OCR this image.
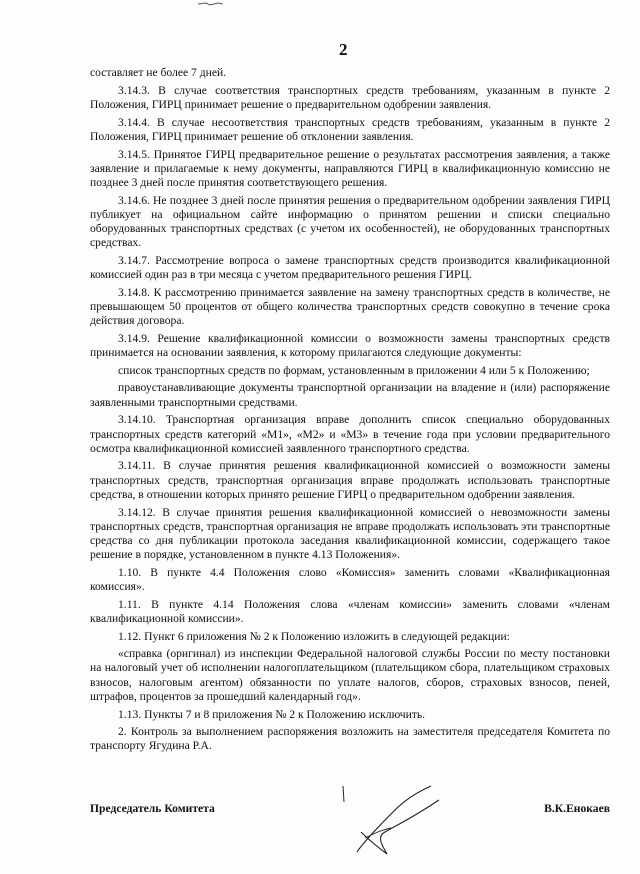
2

составляет не более 7 дней.

3.14.3. В случае соответствия транспортных средств требованиям, указанным в пункте 2 Положения, ГИРЦ принимает решение о предварительном одобрении заявления.

3.14.4. В случае несоответствия транспортных средств требованиям, указанным в пункте 2 Положения, ГИРЦ принимает решение об отклонении заявления.

3.14.5. Принятое ГИРЦ предварительное решение о результатах рассмотрения заявления, а также заявление и прилагаемые к нему документы, направляются ГИРЦ в квалификационную комиссию не позднее 3 дней после принятия соответствующего решения.

3.14.6. Не позднее 3 дней после принятия решения о предварительном одобрении заявления ГИРЦ публикует на официальном сайте информацию о принятом решении и списки специально оборудованных транспортных средствах (с учетом их особенностей), не оборудованных транспортных средствах.

3.14.7. Рассмотрение вопроса о замене транспортных средств производится квалификационной комиссией один раз в три месяца с учетом предварительного решения ГИРЦ.

3.14.8. К рассмотрению принимается заявление на замену транспортных средств в количестве, не превышающем 50 процентов от общего количества транспортных средств совокупно в течение срока действия договора.

3.14.9. Решение квалификационной комиссии о возможности замены транспортных средств принимается на основании заявления, к которому прилагаются следующие документы:

список транспортных средств по формам, установленным в приложении 4 или 5 к Положению;

правоустанавливающие документы транспортной организации на владение и (или) распоряжение заявленными транспортными средствами.

3.14.10. Транспортная организация вправе дополнить список специально оборудованных транспортных средств категорий «М1», «М2» и «М3» в течение года при условии предварительного осмотра квалификационной комиссией заявленного транспортного средства.

3.14.11. В случае принятия решения квалификационной комиссией о возможности замены транспортных средств, транспортная организация вправе продолжать использовать транспортные средства, в отношении которых принято решение ГИРЦ о предварительном одобрении заявления.

3.14.12. В случае принятия решения квалификационной комиссией о невозможности замены транспортных средств, транспортная организация не вправе продолжать использовать эти транспортные средства со дня публикации протокола заседания квалификационной комиссии, содержащего такое решение в порядке, установленном в пункте 4.13 Положения».

1.10. В пункте 4.4 Положения слово «Комиссия» заменить словами «Квалификационная комиссия».

1.11. В пункте 4.14 Положения слова «членам комиссии» заменить словами «членам квалификационной комиссии».

1.12. Пункт 6 приложения № 2 к Положению изложить в следующей редакции:

«справка (оригинал) из инспекции Федеральной налоговой службы России по месту постановки на налоговый учет об исполнении налогоплательщиком (плательщиком сбора, плательщиком страховых взносов, налоговым агентом) обязанности по уплате налогов, сборов, страховых взносов, пеней, штрафов, процентов за прошедший календарный год».

1.13. Пункты 7 и 8 приложения № 2 к Положению исключить.

2. Контроль за выполнением распоряжения возложить на заместителя председателя Комитета по транспорту Ягудина Р.А.

Председатель Комитета	В.К.Енокаев
